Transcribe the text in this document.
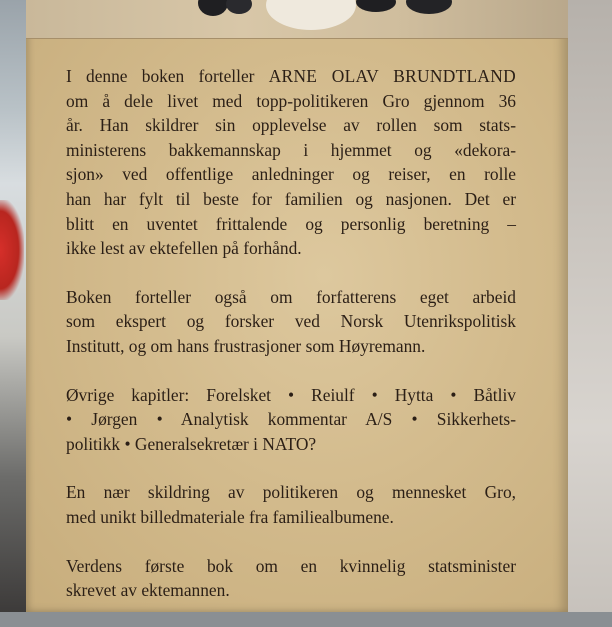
I denne boken forteller ARNE OLAV BRUNDTLAND
om å dele livet med topp-politikeren Gro gjennom 36
år. Han skildrer sin opplevelse av rollen som stats-
ministerens bakkemannskap i hjemmet og «dekora-
sjon» ved offentlige anledninger og reiser, en rolle
han har fylt til beste for familien og nasjonen. Det er
blitt en uventet frittalende og personlig beretning –
ikke lest av ektefellen på forhånd.

Boken forteller også om forfatterens eget arbeid
som ekspert og forsker ved Norsk Utenrikspolitisk
Institutt, og om hans frustrasjoner som Høyremann.

Øvrige kapitler: Forelsket • Reiulf • Hytta • Båtliv
• Jørgen • Analytisk kommentar A/S • Sikkerhets-
politikk • Generalsekretær i NATO?

En nær skildring av politikeren og mennesket Gro,
med unikt billedmateriale fra familiealbumene.

Verdens første bok om en kvinnelig statsminister
skrevet av ektemannen.
